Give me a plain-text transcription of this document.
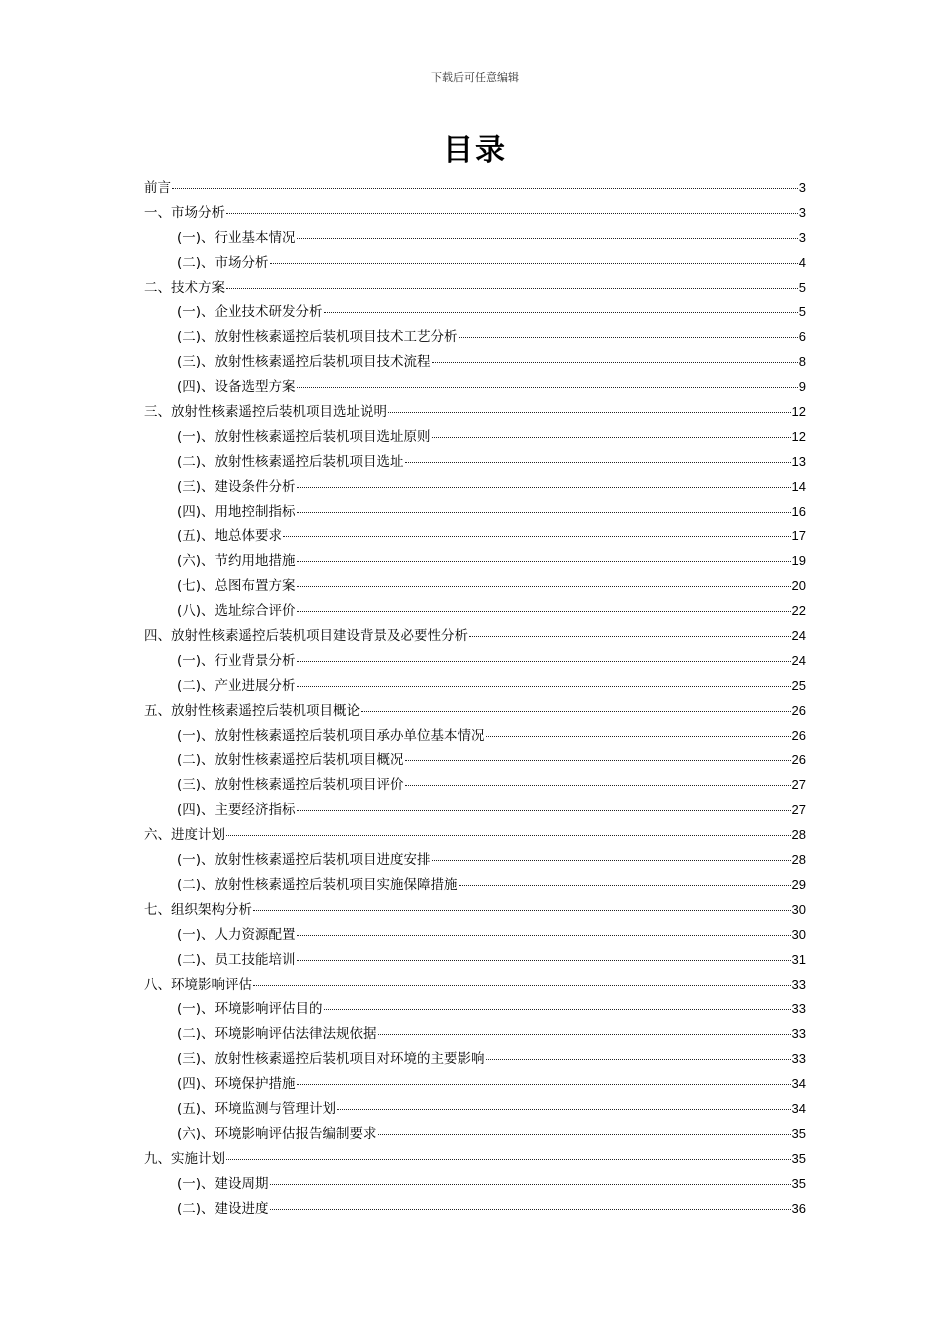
下载后可任意编辑
目录
前言	3
一、市场分析	3
(一)、行业基本情况	3
(二)、市场分析	4
二、技术方案	5
(一)、企业技术研发分析	5
(二)、放射性核素遥控后装机项目技术工艺分析	6
(三)、放射性核素遥控后装机项目技术流程	8
(四)、设备选型方案	9
三、放射性核素遥控后装机项目选址说明	12
(一)、放射性核素遥控后装机项目选址原则	12
(二)、放射性核素遥控后装机项目选址	13
(三)、建设条件分析	14
(四)、用地控制指标	16
(五)、地总体要求	17
(六)、节约用地措施	19
(七)、总图布置方案	20
(八)、选址综合评价	22
四、放射性核素遥控后装机项目建设背景及必要性分析	24
(一)、行业背景分析	24
(二)、产业进展分析	25
五、放射性核素遥控后装机项目概论	26
(一)、放射性核素遥控后装机项目承办单位基本情况	26
(二)、放射性核素遥控后装机项目概况	26
(三)、放射性核素遥控后装机项目评价	27
(四)、主要经济指标	27
六、进度计划	28
(一)、放射性核素遥控后装机项目进度安排	28
(二)、放射性核素遥控后装机项目实施保障措施	29
七、组织架构分析	30
(一)、人力资源配置	30
(二)、员工技能培训	31
八、环境影响评估	33
(一)、环境影响评估目的	33
(二)、环境影响评估法律法规依据	33
(三)、放射性核素遥控后装机项目对环境的主要影响	33
(四)、环境保护措施	34
(五)、环境监测与管理计划	34
(六)、环境影响评估报告编制要求	35
九、实施计划	35
(一)、建设周期	35
(二)、建设进度	36
